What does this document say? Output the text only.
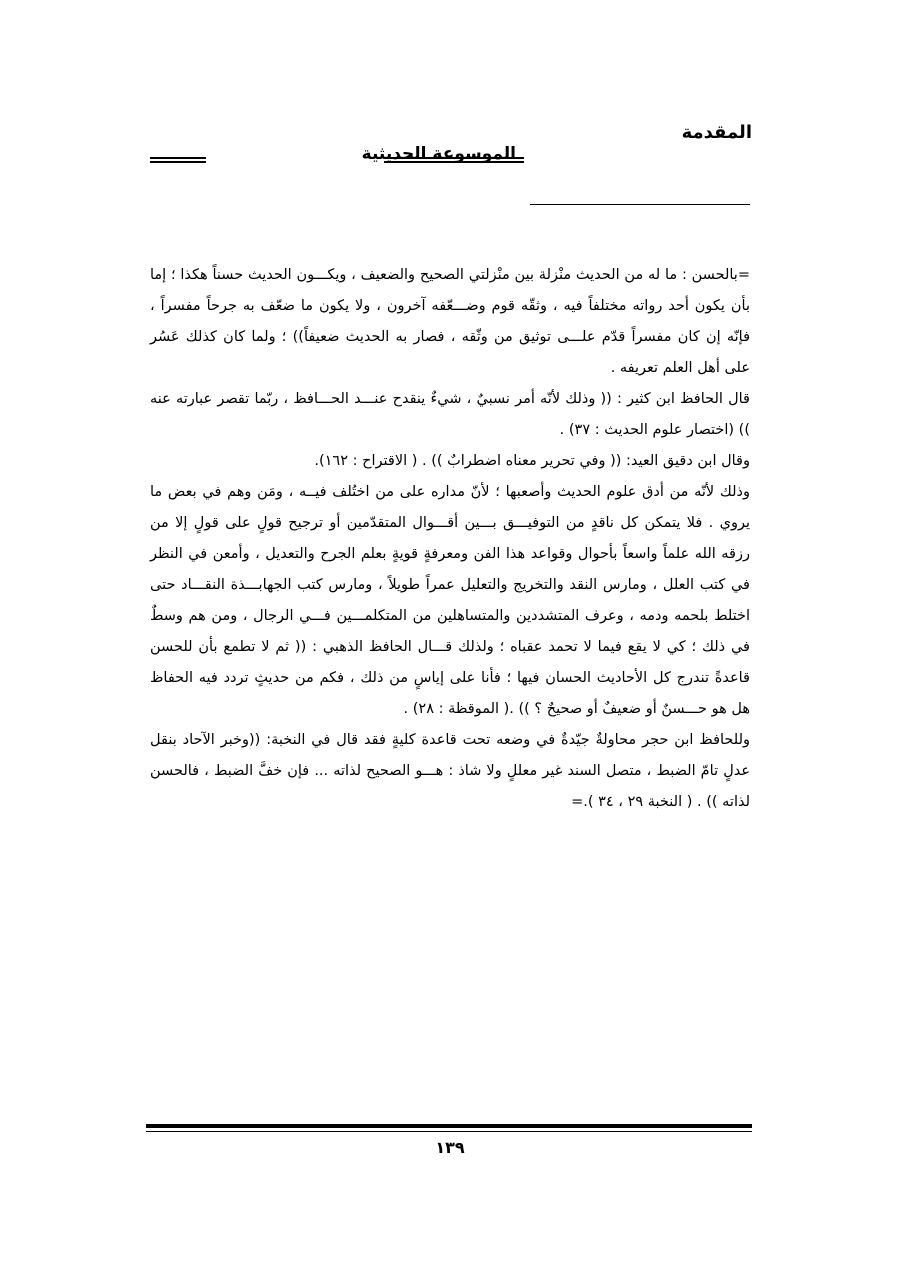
المقدمة
الموسوعة الحديثية

=بالحسن : ما له من الحديث منْزلة بين منْزلتي الصحيح والضعيف ، ويكـــون الحديث حسناً هكذا ؛ إما بأن يكون أحد رواته مختلفاً فيه ، وثقّه قوم وضـــعّفه آخرون ، ولا يكون ما ضعّف به جرحاً مفسراً ، فإنّه إن كان مفسراً قدّم علـــى توثيق من وثّقه ، فصار به الحديث ضعيفاً)) ؛ ولما كان كذلك عَسُر على أهل العلم تعريفه .

قال الحافظ ابن كثير : (( وذلك لأنّه أمر نسبيٌ ، شيءٌ ينقدح عنـــد الحـــافظ ، ربّما تقصر عبارته عنه )) (اختصار علوم الحديث : ٣٧) .

وقال ابن دقيق العيد: (( وفي تحرير معناه اضطرابٌ )) . ( الاقتراح : ١٦٢).

وذلك لأنّه من أدق علوم الحديث وأصعبها ؛ لأنّ مداره على من اختُلف فيــه ، ومَن وهم في بعض ما يروي . فلا يتمكن كل ناقدٍ من التوفيـــق بـــين أقـــوال المتقدّمين أو ترجيح قولٍ على قولٍ إلا من رزقه الله علماً واسعاً بأحوال وقواعد هذا الفن ومعرفةٍ قويةٍ بعلم الجرح والتعديل ، وأمعن في النظر في كتب العلل ، ومارس النقد والتخريج والتعليل عمراً طويلاً ، ومارس كتب الجهابـــذة النقـــاد حتى اختلط بلحمه ودمه ، وعرف المتشددين والمتساهلين من المتكلمـــين فـــي الرجال ، ومن هم وسطٌ في ذلك ؛ كي لا يقع فيما لا تحمد عقباه ؛ ولذلك قـــال الحافظ الذهبي : (( ثم لا تطمع بأن للحسن قاعدةً تندرج كل الأحاديث الحسان فيها ؛ فأنا على إياسٍ من ذلك ، فكم من حديثٍ تردد فيه الحفاظ هل هو حـــسنٌ أو ضعيفٌ أو صحيحٌ ؟ )) .( الموقظة : ٢٨) .

وللحافظ ابن حجر محاولةٌ جيّدةٌ في وضعه تحت قاعدة كليةٍ فقد قال في النخبة: ((وخبر الآحاد بنقل عدلٍ تامّ الضبط ، متصل السند غير معللٍ ولا شاذ : هـــو الصحيح لذاته ... فإن خفَّ الضبط ، فالحسن لذاته )) . ( النخبة ٢٩ ، ٣٤ ).=

١٣٩
